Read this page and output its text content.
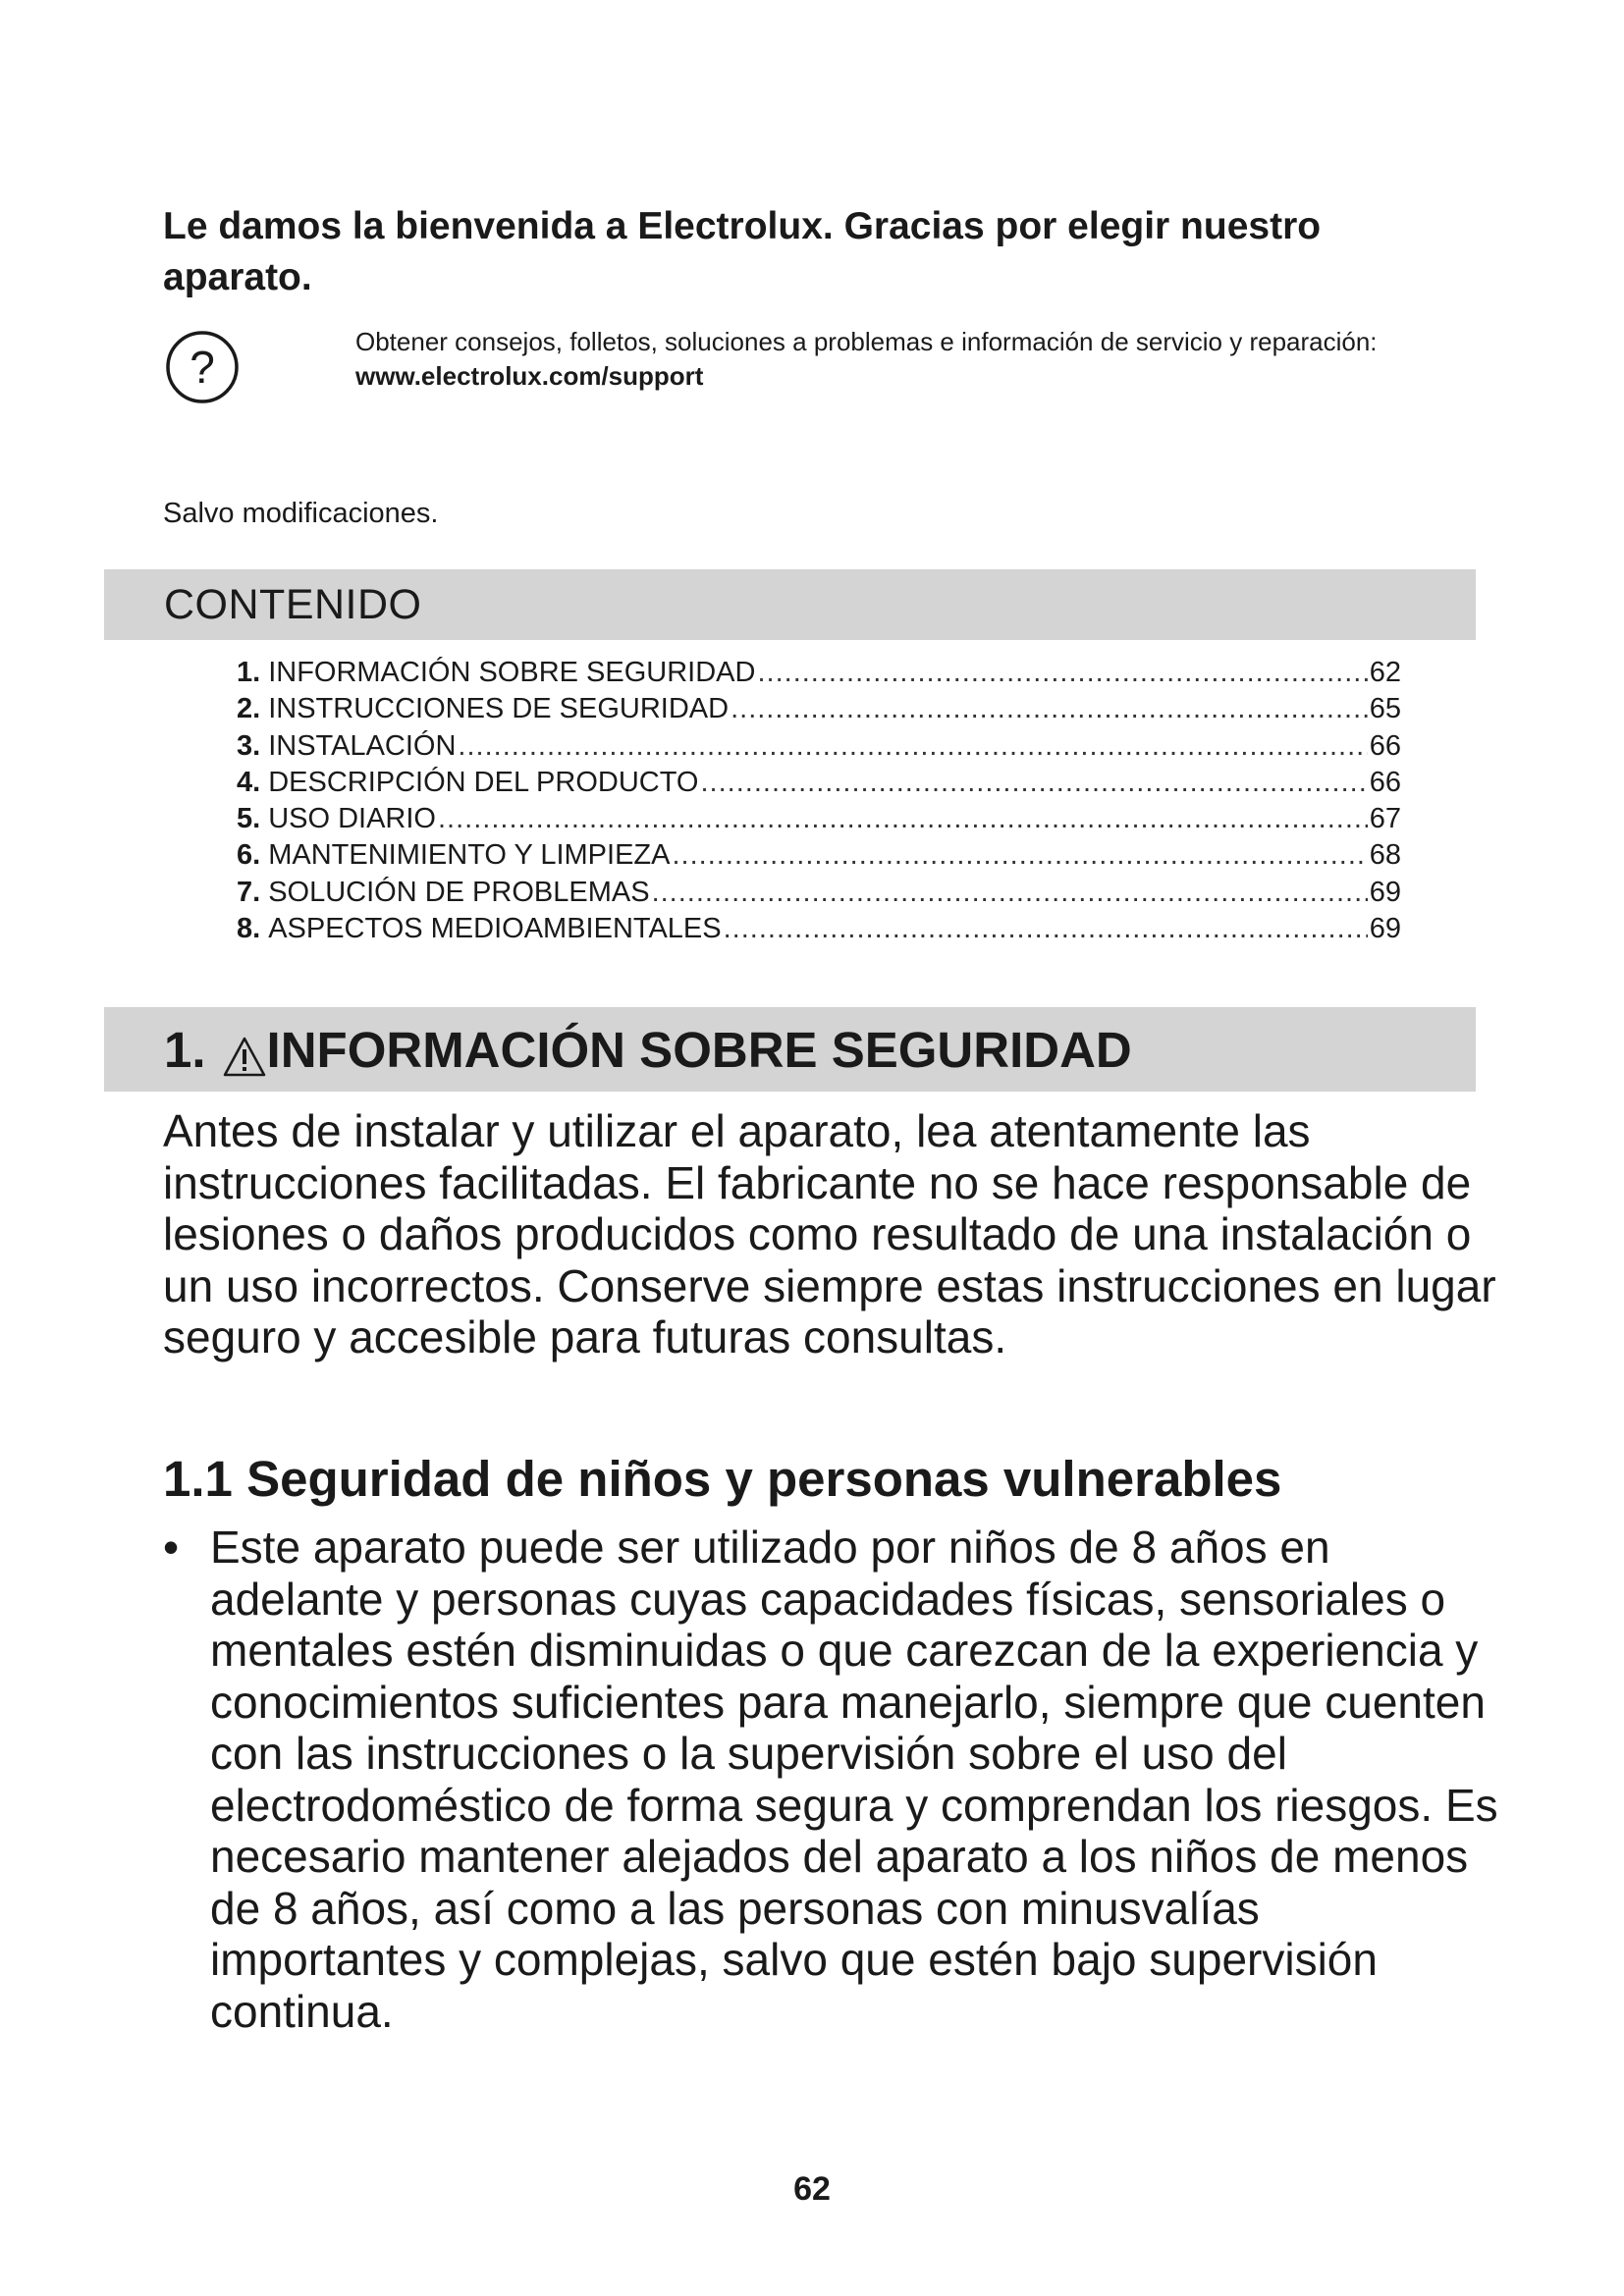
Le damos la bienvenida a Electrolux. Gracias por elegir nuestro aparato.
?	Obtener consejos, folletos, soluciones a problemas e información de servicio y reparación:
www.electrolux.com/support
Salvo modificaciones.
CONTENIDO
1. INFORMACIÓN SOBRE SEGURIDAD .....	62
2. INSTRUCCIONES DE SEGURIDAD .....	65
3. INSTALACIÓN .....	66
4. DESCRIPCIÓN DEL PRODUCTO .....	66
5. USO DIARIO .....	67
6. MANTENIMIENTO Y LIMPIEZA .....	68
7. SOLUCIÓN DE PROBLEMAS .....	69
8. ASPECTOS MEDIOAMBIENTALES .....	69
1. INFORMACIÓN SOBRE SEGURIDAD
Antes de instalar y utilizar el aparato, lea atentamente las instrucciones facilitadas. El fabricante no se hace responsable de lesiones o daños producidos como resultado de una instalación o un uso incorrectos. Conserve siempre estas instrucciones en lugar seguro y accesible para futuras consultas.
1.1 Seguridad de niños y personas vulnerables
• Este aparato puede ser utilizado por niños de 8 años en adelante y personas cuyas capacidades físicas, sensoriales o mentales estén disminuidas o que carezcan de la experiencia y conocimientos suficientes para manejarlo, siempre que cuenten con las instrucciones o la supervisión sobre el uso del electrodoméstico de forma segura y comprendan los riesgos. Es necesario mantener alejados del aparato a los niños de menos de 8 años, así como a las personas con minusvalías importantes y complejas, salvo que estén bajo supervisión continua.
62
